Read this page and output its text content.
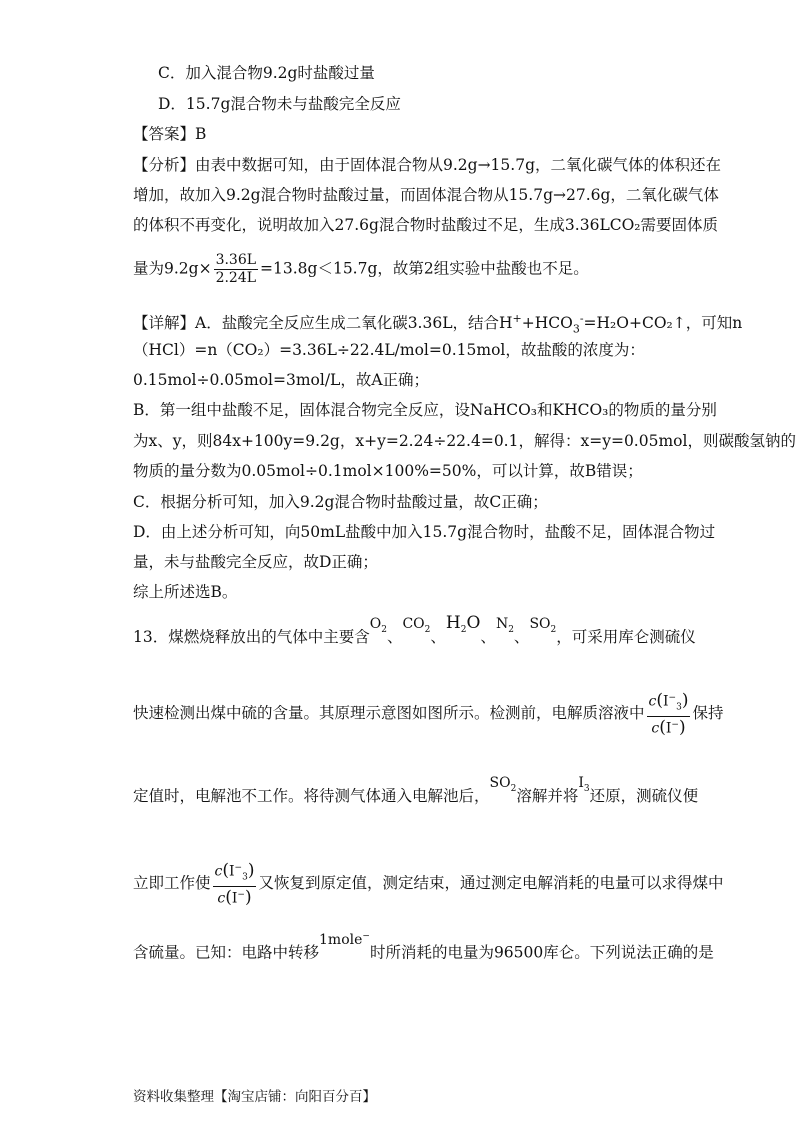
C．加入混合物9.2g时盐酸过量
D．15.7g混合物未与盐酸完全反应
【答案】B
【分析】由表中数据可知，由于固体混合物从9.2g→15.7g，二氧化碳气体的体积还在
增加，故加入9.2g混合物时盐酸过量，而固体混合物从15.7g→27.6g，二氧化碳气体
的体积不再变化，说明故加入27.6g混合物时盐酸过不足，生成3.36LCO₂需要固体质
量为$9.2g\times \frac{3.36L}{2.24L} =13.8g<15.7g$，故第2组实验中盐酸也不足。
【详解】A．盐酸完全反应生成二氧化碳3.36L，结合$H^++HCO_3^-=H_2O+CO_2↑$，可知n
（HCl）=n（CO₂）=3.36L÷22.4L/mol=0.15mol，故盐酸的浓度为：
0.15mol÷0.05mol=3mol/L，故A正确；
B．第一组中盐酸不足，固体混合物完全反应，设NaHCO₃和KHCO₃的物质的量分别
为x、y，则84x+100y=9.2g，x+y=2.24÷22.4=0.1，解得：x=y=0.05mol，则碳酸氢钠的
物质的量分数为0.05mol÷0.1mol×100%=50%，可以计算，故B错误；
C．根据分析可知，加入9.2g混合物时盐酸过量，故C正确；
D．由上述分析可知，向50mL盐酸中加入15.7g混合物时，盐酸不足，固体混合物过
量，未与盐酸完全反应，故D正确；
综上所述选B。
13．煤燃烧释放出的气体中主要含$O_2$、$CO_2$、$H_2O$、$N_2$、$SO_2$，可采用库仑测硫仪
快速检测出煤中硫的含量。其原理示意图如图所示。检测前，电解质溶液中 $\frac{c(I^-_3)}{c(I^-)}$ 保持
定值时，电解池不工作。将待测气体通入电解池后，$SO_2$溶解并将$I_3$还原，测硫仪便
立即工作使 $\frac{c(I^-_3)}{c(I^-)}$ 又恢复到原定值，测定结束，通过测定电解消耗的电量可以求得煤中
含硫量。已知：电路中转移1mole−时所消耗的电量为96500库仑。下列说法正确的是
资料收集整理【淘宝店铺：向阳百分百】
